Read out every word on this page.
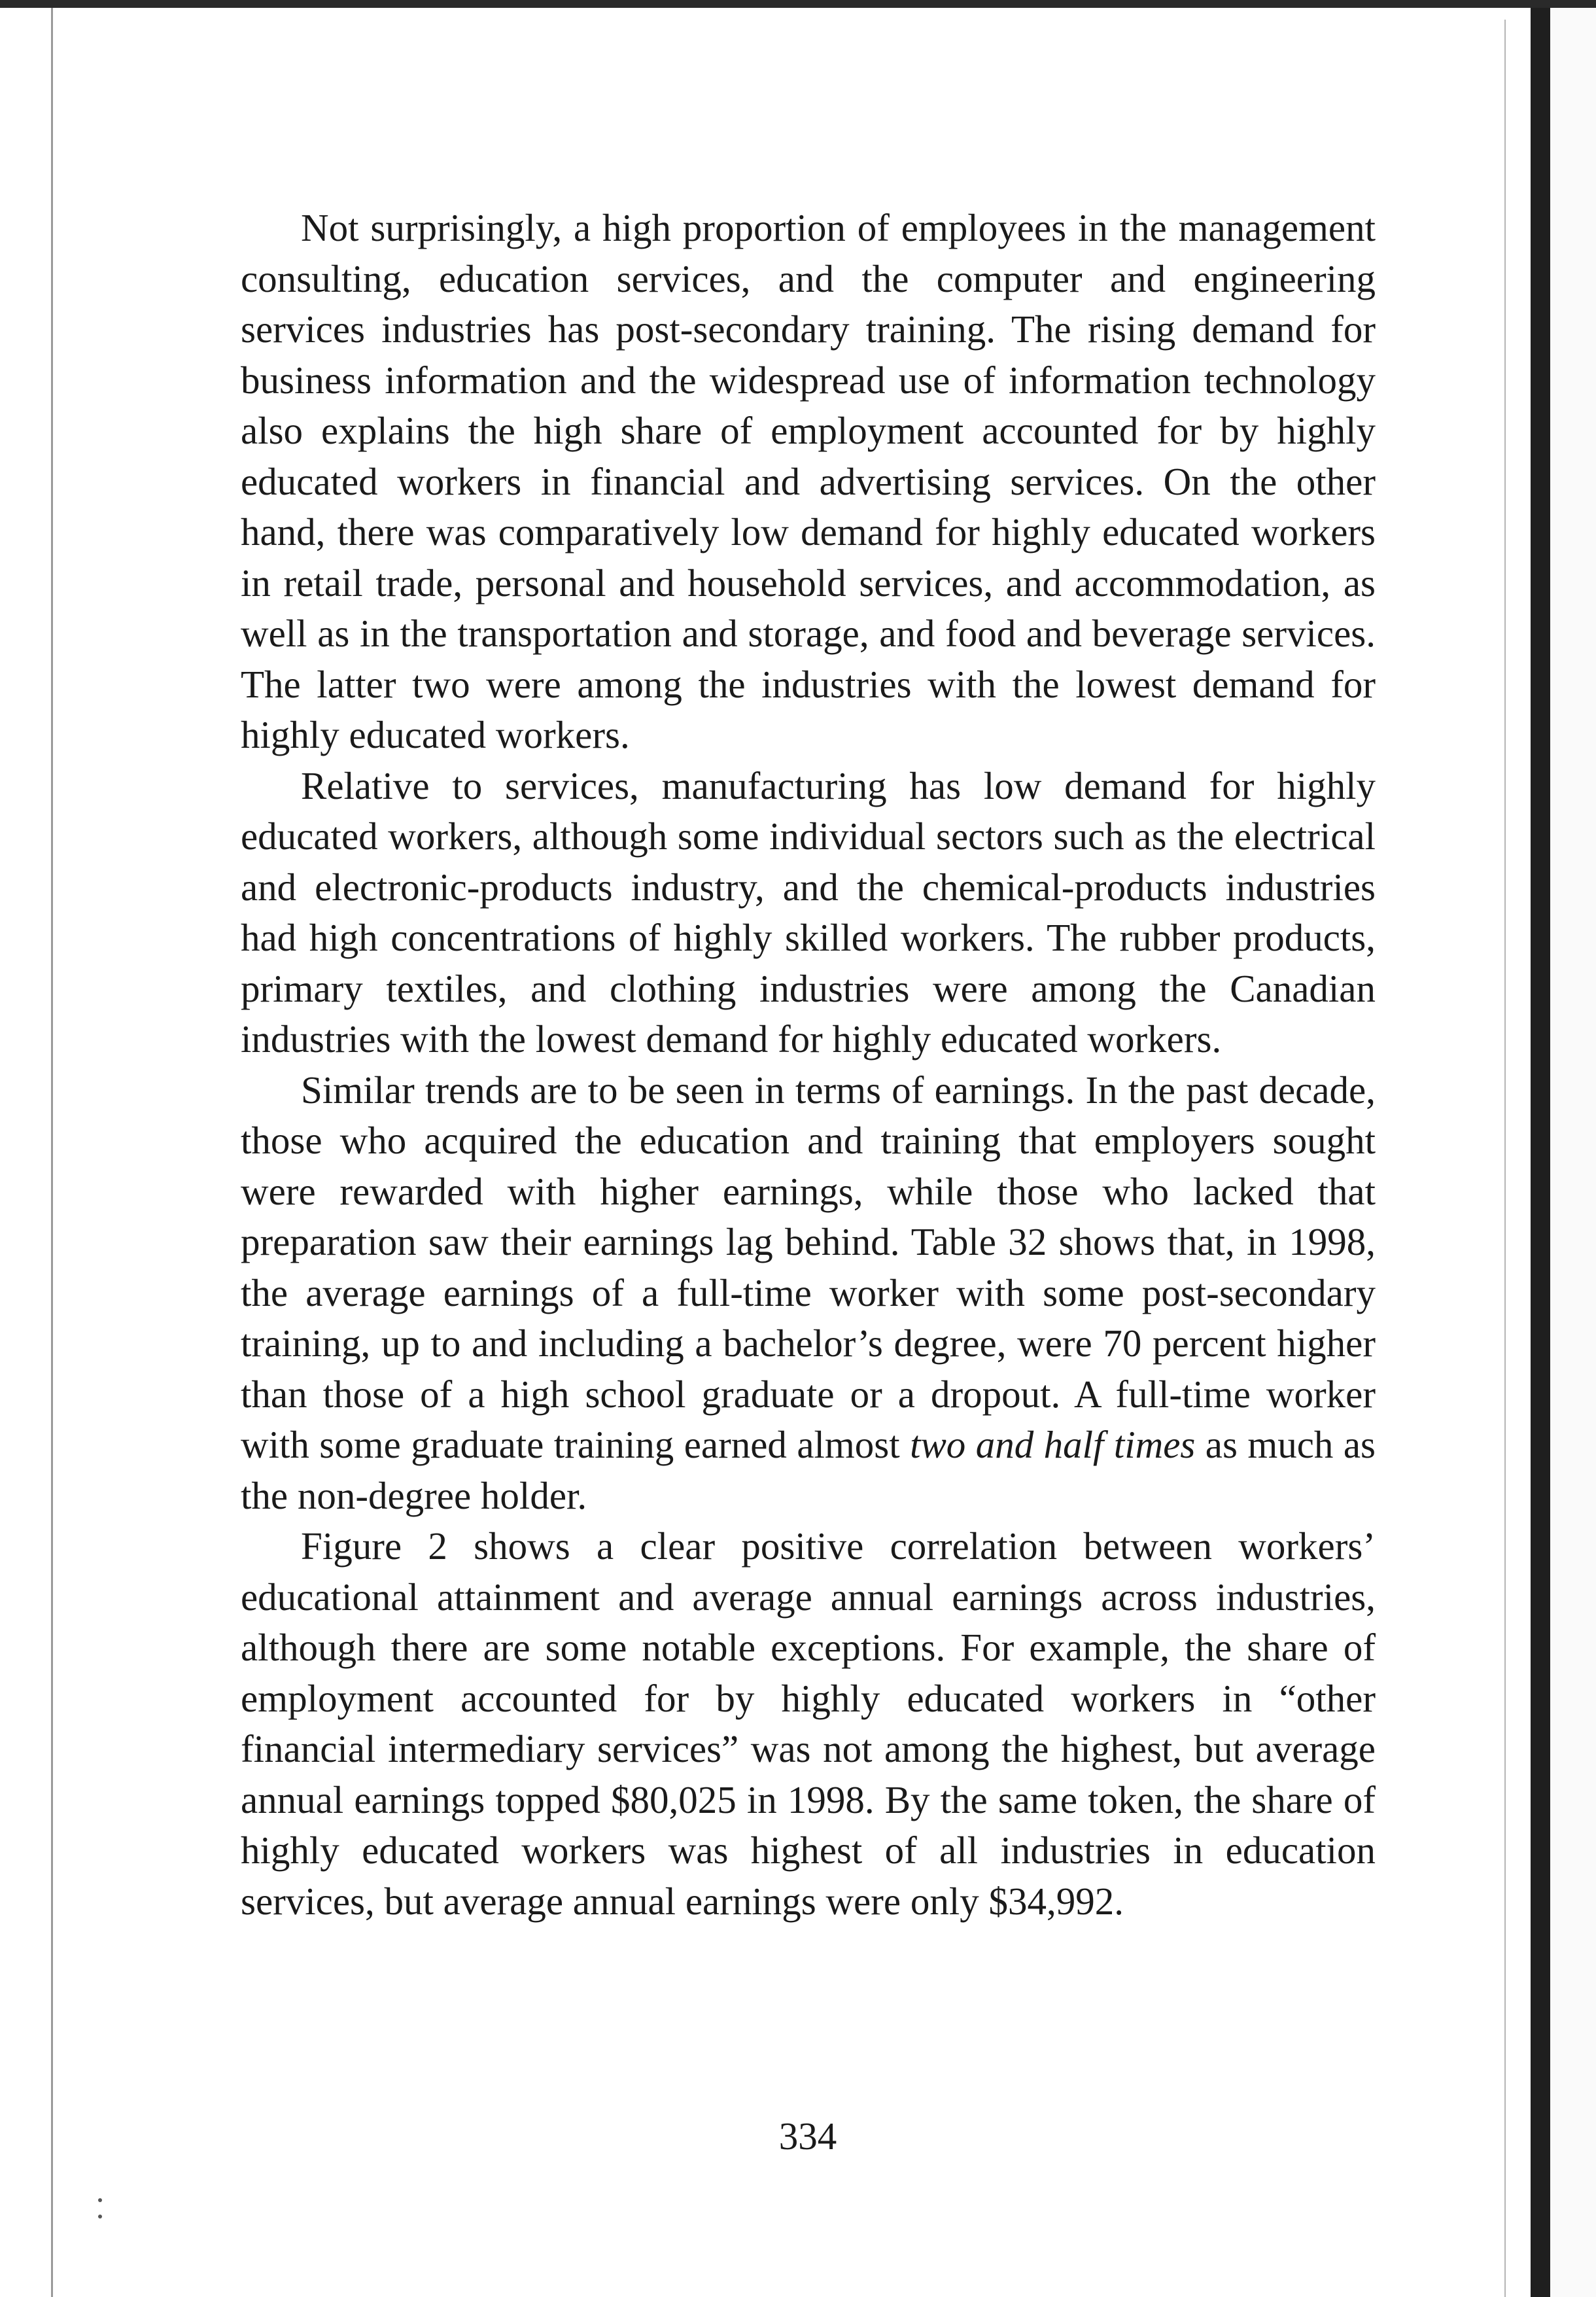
Not surprisingly, a high proportion of employees in the management consulting, education services, and the computer and engineering services industries has post-secondary training. The rising demand for business information and the widespread use of information technology also explains the high share of employment accounted for by highly educated workers in financial and advertising services. On the other hand, there was comparatively low demand for highly educated workers in retail trade, personal and household services, and accommodation, as well as in the transportation and storage, and food and beverage services. The latter two were among the industries with the lowest demand for highly educated workers.

Relative to services, manufacturing has low demand for highly educated workers, although some individual sectors such as the electrical and electronic-products industry, and the chemical-products industries had high concentrations of highly skilled workers. The rubber products, primary textiles, and clothing industries were among the Canadian industries with the lowest demand for highly educated workers.

Similar trends are to be seen in terms of earnings. In the past decade, those who acquired the education and training that employers sought were rewarded with higher earnings, while those who lacked that preparation saw their earnings lag behind. Table 32 shows that, in 1998, the average earnings of a full-time worker with some post-secondary training, up to and including a bachelor’s degree, were 70 percent higher than those of a high school graduate or a dropout. A full-time worker with some graduate training earned almost two and half times as much as the non-degree holder.

Figure 2 shows a clear positive correlation between workers’ educational attainment and average annual earnings across industries, although there are some notable exceptions. For example, the share of employment accounted for by highly educated workers in “other financial intermediary services” was not among the highest, but average annual earnings topped $80,025 in 1998. By the same token, the share of highly educated workers was highest of all industries in education services, but average annual earnings were only $34,992.

334
